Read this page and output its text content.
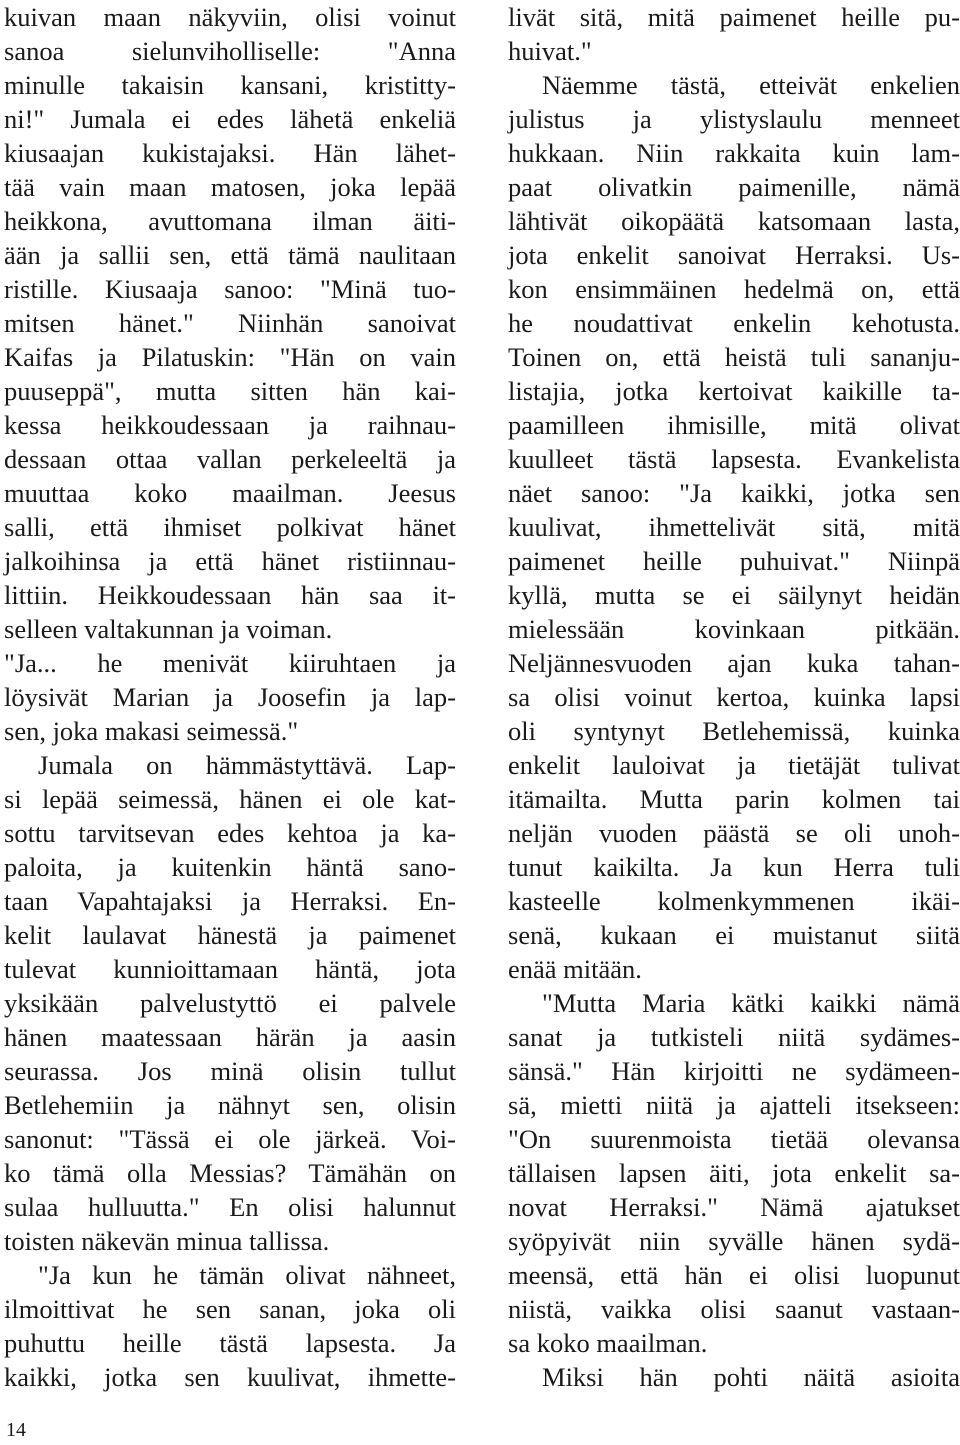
kuivan maan näkyviin, olisi voinut
sanoa sielunviholliselle: "Anna
minulle takaisin kansani, kristitty-
ni!" Jumala ei edes lähetä enkeliä
kiusaajan kukistajaksi. Hän lähet-
tää vain maan matosen, joka lepää
heikkona, avuttomana ilman äiti-
ään ja sallii sen, että tämä naulitaan
ristille. Kiusaaja sanoo: "Minä tuo-
mitsen hänet." Niinhän sanoivat
Kaifas ja Pilatuskin: "Hän on vain
puuseppä", mutta sitten hän kai-
kessa heikkoudessaan ja raihnau-
dessaan ottaa vallan perkeleeltä ja
muuttaa koko maailman. Jeesus
salli, että ihmiset polkivat hänet
jalkoihinsa ja että hänet ristiinnau-
littiin. Heikkoudessaan hän saa it-
selleen valtakunnan ja voiman.
"Ja... he menivät kiiruhtaen ja
löysivät Marian ja Joosefin ja lap-
sen, joka makasi seimessä."
Jumala on hämmästyttävä. Lap-
si lepää seimessä, hänen ei ole kat-
sottu tarvitsevan edes kehtoa ja ka-
paloita, ja kuitenkin häntä sano-
taan Vapahtajaksi ja Herraksi. En-
kelit laulavat hänestä ja paimenet
tulevat kunnioittamaan häntä, jota
yksikään palvelustyttö ei palvele
hänen maatessaan härän ja aasin
seurassa. Jos minä olisin tullut
Betlehemiin ja nähnyt sen, olisin
sanonut: "Tässä ei ole järkeä. Voi-
ko tämä olla Messias? Tämähän on
sulaa hulluutta." En olisi halunnut
toisten näkevän minua tallissa.
"Ja kun he tämän olivat nähneet,
ilmoittivat he sen sanan, joka oli
puhuttu heille tästä lapsesta. Ja
kaikki, jotka sen kuulivat, ihmette-
livät sitä, mitä paimenet heille pu-
huivat."
Näemme tästä, etteivät enkelien
julistus ja ylistyslaulu menneet
hukkaan. Niin rakkaita kuin lam-
paat olivatkin paimenille, nämä
lähtivät oikopäätä katsomaan lasta,
jota enkelit sanoivat Herraksi. Us-
kon ensimmäinen hedelmä on, että
he noudattivat enkelin kehotusta.
Toinen on, että heistä tuli sananju-
listajia, jotka kertoivat kaikille ta-
paamilleen ihmisille, mitä olivat
kuulleet tästä lapsesta. Evankelista
näet sanoo: "Ja kaikki, jotka sen
kuulivat, ihmettelivät sitä, mitä
paimenet heille puhuivat." Niinpä
kyllä, mutta se ei säilynyt heidän
mielessään kovinkaan pitkään.
Neljännesvuoden ajan kuka tahan-
sa olisi voinut kertoa, kuinka lapsi
oli syntynyt Betlehemissä, kuinka
enkelit lauloivat ja tietäjät tulivat
itämailta. Mutta parin kolmen tai
neljän vuoden päästä se oli unoh-
tunut kaikilta. Ja kun Herra tuli
kasteelle kolmenkymmenen ikäi-
senä, kukaan ei muistanut siitä
enää mitään.
"Mutta Maria kätki kaikki nämä
sanat ja tutkisteli niitä sydämes-
sänsä." Hän kirjoitti ne sydämeen-
sä, mietti niitä ja ajatteli itsekseen:
"On suurenmoista tietää olevansa
tällaisen lapsen äiti, jota enkelit sa-
novat Herraksi." Nämä ajatukset
syöpyivät niin syvälle hänen sydä-
meensä, että hän ei olisi luopunut
niistä, vaikka olisi saanut vastaan-
sa koko maailman.
Miksi hän pohti näitä asioita
14
